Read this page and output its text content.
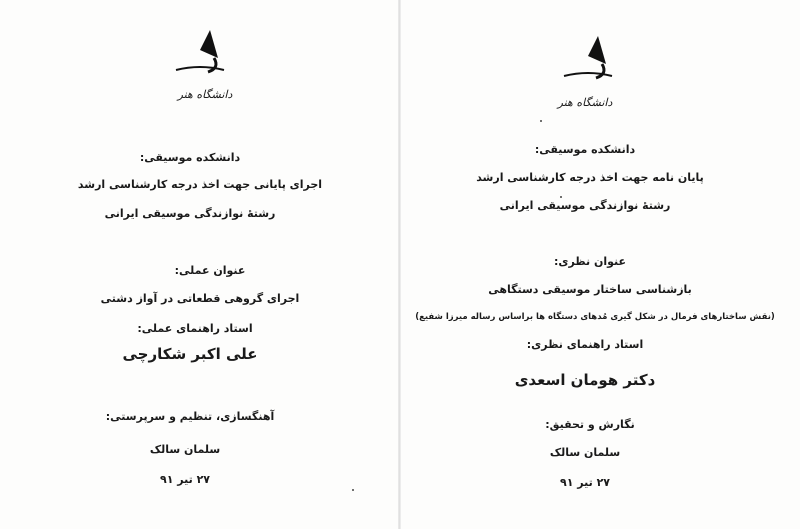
دانشگاه هنر
دانشکده موسیقی:
اجرای پایانی جهت اخذ درجه کارشناسی ارشد
رشتهٔ نوازندگی موسیقی ایرانی
عنوان عملی:
اجرای گروهی قطعاتی در آواز دشتی
استاد راهنمای عملی:
علی اکبر شکارچی
آهنگسازی، تنظیم و سرپرستی:
سلمان سالک
۲۷ تیر ۹۱
دانشگاه هنر
دانشکده موسیقی:
پایان نامه جهت اخذ درجه کارشناسی ارشد
رشتهٔ نوازندگی موسیقی ایرانی
عنوان نظری:
بازشناسی ساختار موسیقی دستگاهی
(نقش ساختارهای فرمال در شکل گیری مُدهای دستگاه ها براساس رساله میرزا شفیع)
استاد راهنمای نظری:
دکتر هومان اسعدی
نگارش و تحقیق:
سلمان سالک
۲۷ تیر ۹۱
